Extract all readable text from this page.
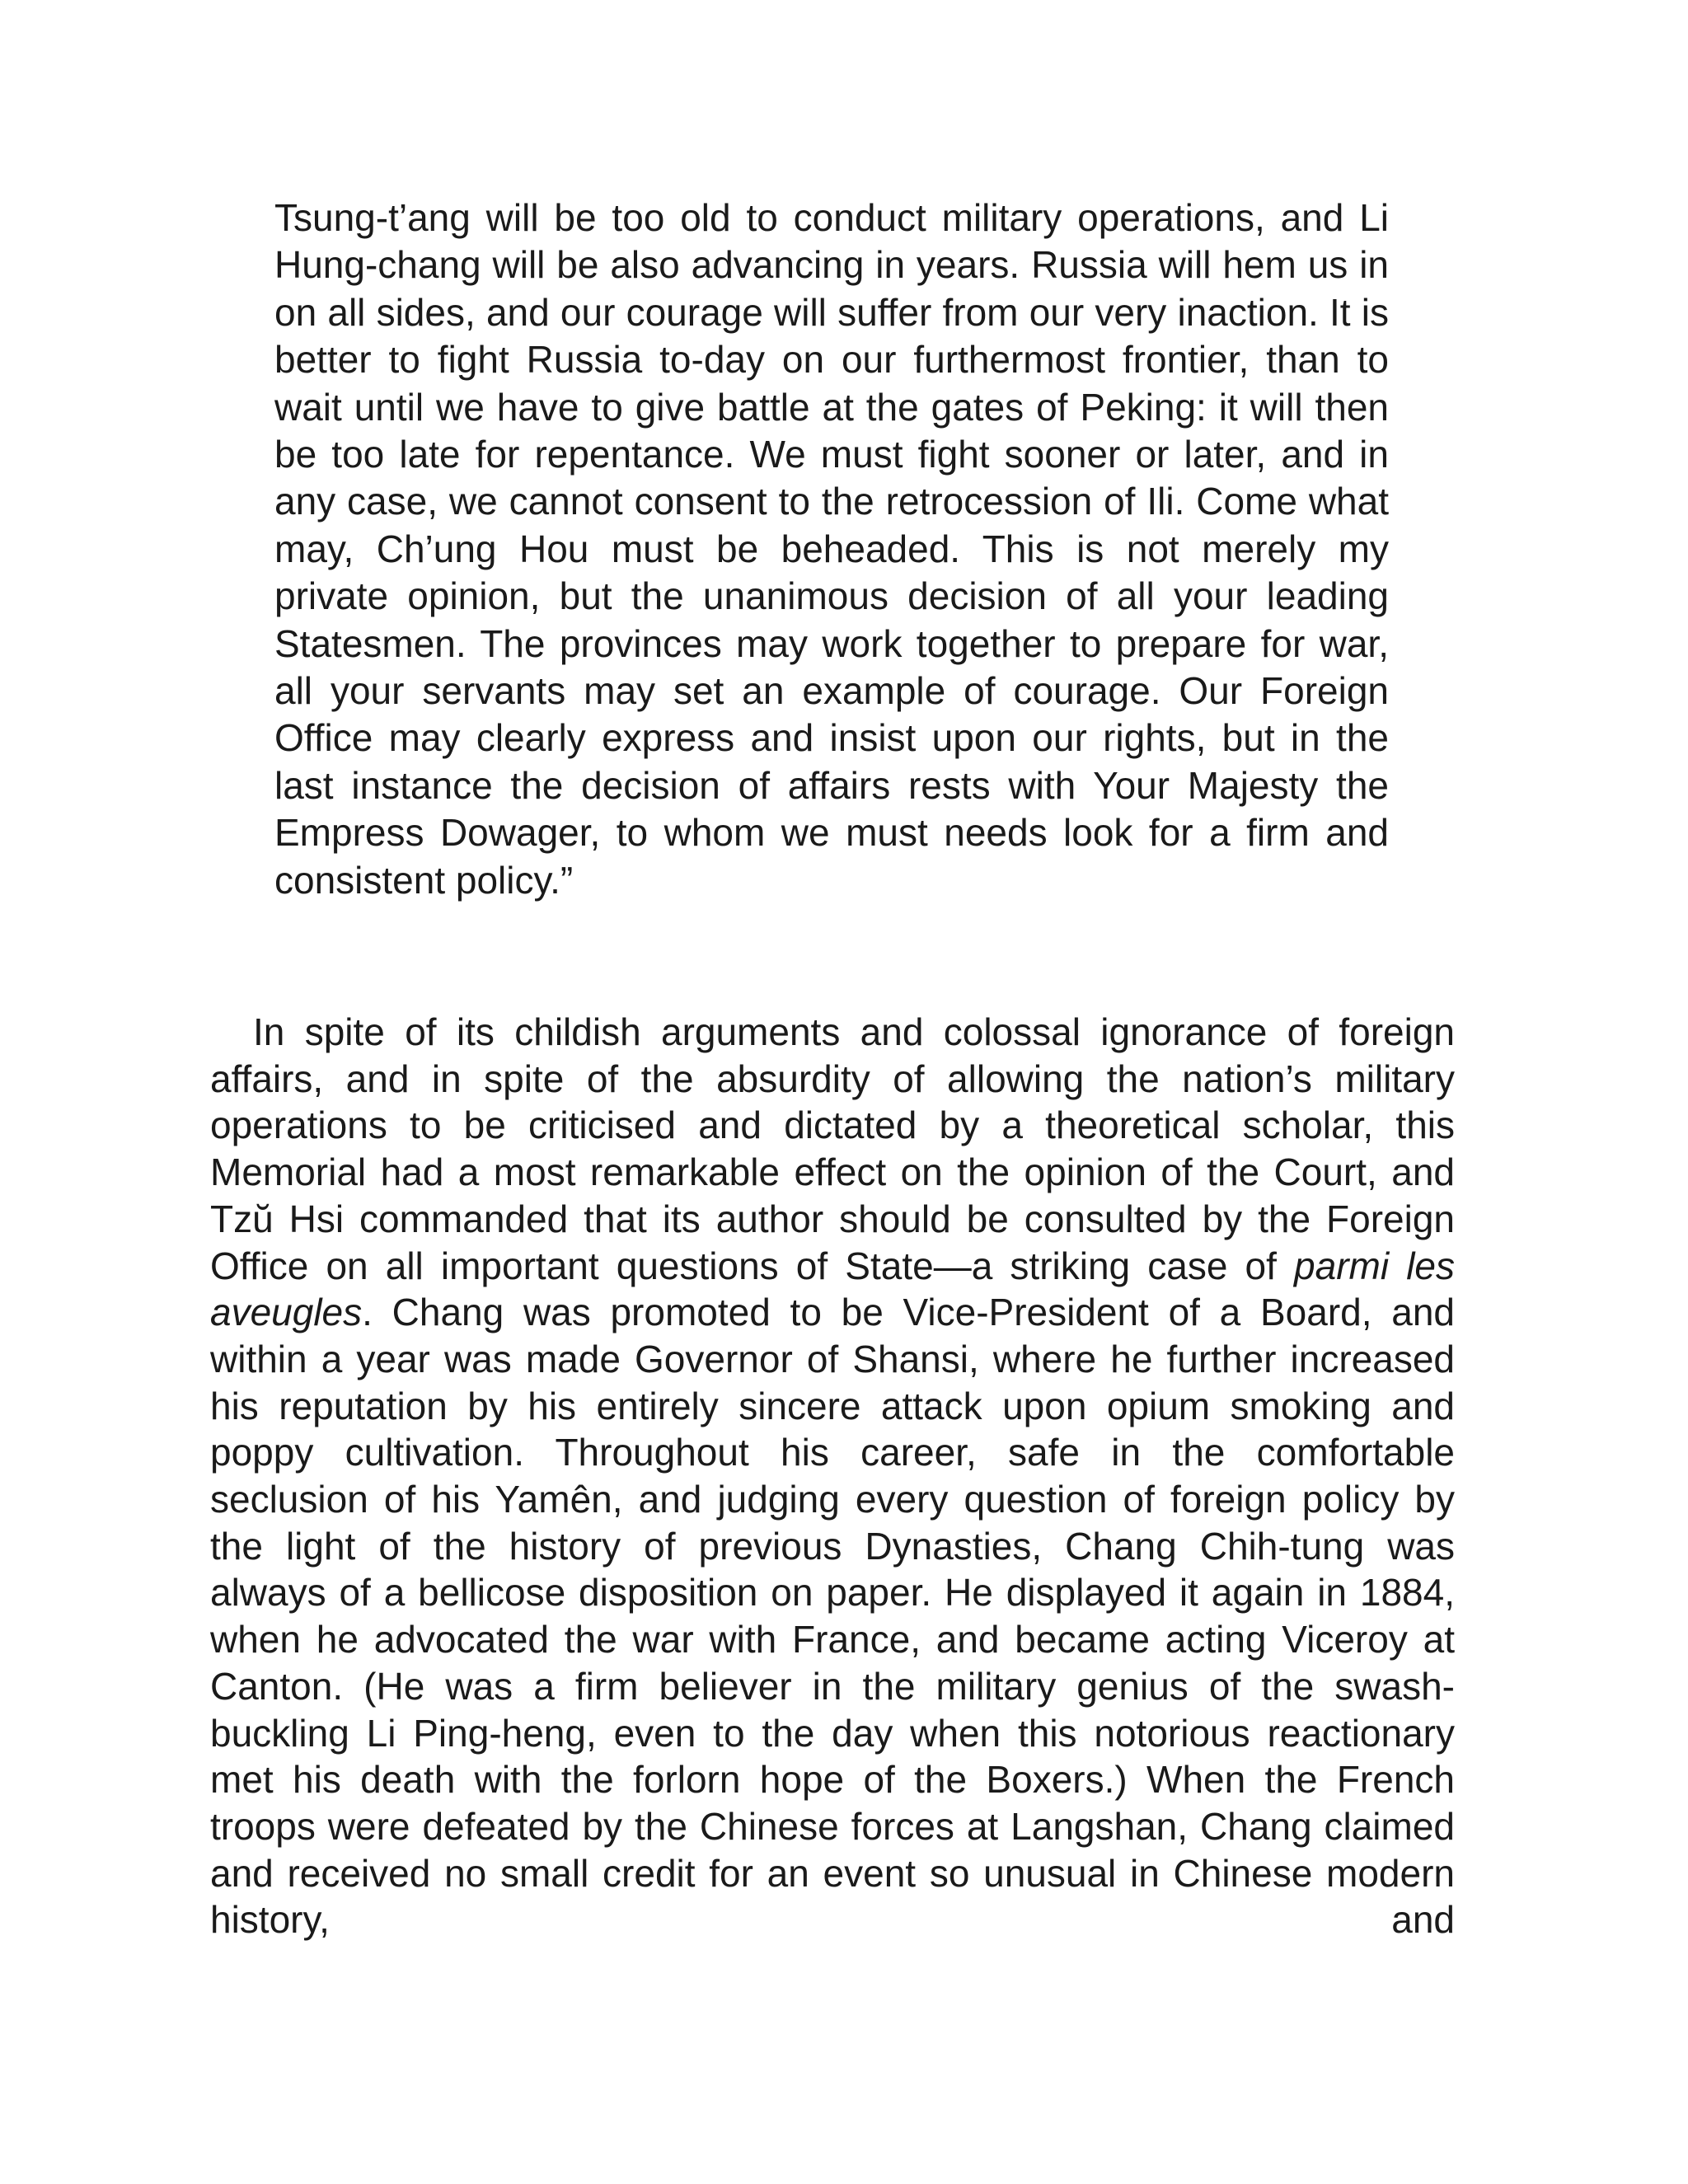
Tsung-t’ang will be too old to conduct military operations, and Li Hung-chang will be also advancing in years. Russia will hem us in on all sides, and our courage will suffer from our very inaction. It is better to fight Russia to-day on our furthermost frontier, than to wait until we have to give battle at the gates of Peking: it will then be too late for repentance. We must fight sooner or later, and in any case, we cannot consent to the retrocession of Ili. Come what may, Ch’ung Hou must be beheaded. This is not merely my private opinion, but the unanimous decision of all your leading Statesmen. The provinces may work together to prepare for war, all your servants may set an example of courage. Our Foreign Office may clearly express and insist upon our rights, but in the last instance the decision of affairs rests with Your Majesty the Empress Dowager, to whom we must needs look for a firm and consistent policy.”

In spite of its childish arguments and colossal ignorance of foreign affairs, and in spite of the absurdity of allowing the nation’s military operations to be criticised and dictated by a theoretical scholar, this Memorial had a most remarkable effect on the opinion of the Court, and Tzŭ Hsi commanded that its author should be consulted by the Foreign Office on all important questions of State—a striking case of parmi les aveugles. Chang was promoted to be Vice-President of a Board, and within a year was made Governor of Shansi, where he further increased his reputation by his entirely sincere attack upon opium smoking and poppy cultivation. Throughout his career, safe in the comfortable seclusion of his Yamên, and judging every question of foreign policy by the light of the history of previous Dynasties, Chang Chih-tung was always of a bellicose disposition on paper. He displayed it again in 1884, when he advocated the war with France, and became acting Viceroy at Canton. (He was a firm believer in the military genius of the swash-buckling Li Ping-heng, even to the day when this notorious reactionary met his death with the forlorn hope of the Boxers.) When the French troops were defeated by the Chinese forces at Langshan, Chang claimed and received no small credit for an event so unusual in Chinese modern history, and
